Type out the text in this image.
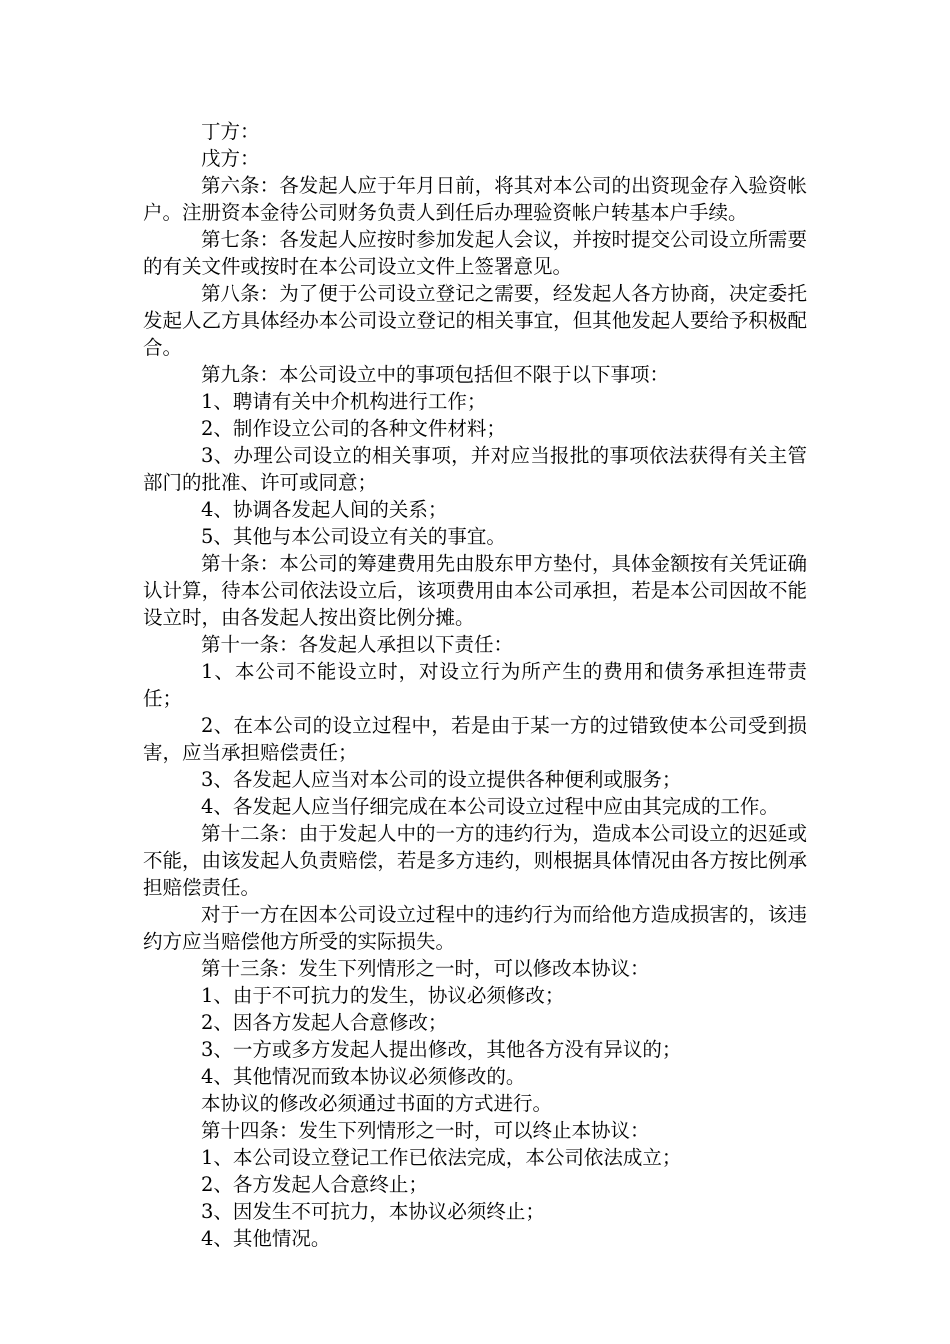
丁方：

戊方：

第六条：各发起人应于年月日前，将其对本公司的出资现金存入验资帐户。注册资本金待公司财务负责人到任后办理验资帐户转基本户手续。

第七条：各发起人应按时参加发起人会议，并按时提交公司设立所需要的有关文件或按时在本公司设立文件上签署意见。

第八条：为了便于公司设立登记之需要，经发起人各方协商，决定委托发起人乙方具体经办本公司设立登记的相关事宜，但其他发起人要给予积极配合。

第九条：本公司设立中的事项包括但不限于以下事项：

1、聘请有关中介机构进行工作；

2、制作设立公司的各种文件材料；

3、办理公司设立的相关事项，并对应当报批的事项依法获得有关主管部门的批准、许可或同意；

4、协调各发起人间的关系；

5、其他与本公司设立有关的事宜。

第十条：本公司的筹建费用先由股东甲方垫付，具体金额按有关凭证确认计算，待本公司依法设立后，该项费用由本公司承担，若是本公司因故不能设立时，由各发起人按出资比例分摊。

第十一条：各发起人承担以下责任：

1、本公司不能设立时，对设立行为所产生的费用和债务承担连带责任；

2、在本公司的设立过程中，若是由于某一方的过错致使本公司受到损害，应当承担赔偿责任；

3、各发起人应当对本公司的设立提供各种便利或服务；

4、各发起人应当仔细完成在本公司设立过程中应由其完成的工作。

第十二条：由于发起人中的一方的违约行为，造成本公司设立的迟延或不能，由该发起人负责赔偿，若是多方违约，则根据具体情况由各方按比例承担赔偿责任。

对于一方在因本公司设立过程中的违约行为而给他方造成损害的，该违约方应当赔偿他方所受的实际损失。

第十三条：发生下列情形之一时，可以修改本协议：

1、由于不可抗力的发生，协议必须修改；

2、因各方发起人合意修改；

3、一方或多方发起人提出修改，其他各方没有异议的；

4、其他情况而致本协议必须修改的。

本协议的修改必须通过书面的方式进行。

第十四条：发生下列情形之一时，可以终止本协议：

1、本公司设立登记工作已依法完成，本公司依法成立；

2、各方发起人合意终止；

3、因发生不可抗力，本协议必须终止；

4、其他情况。
